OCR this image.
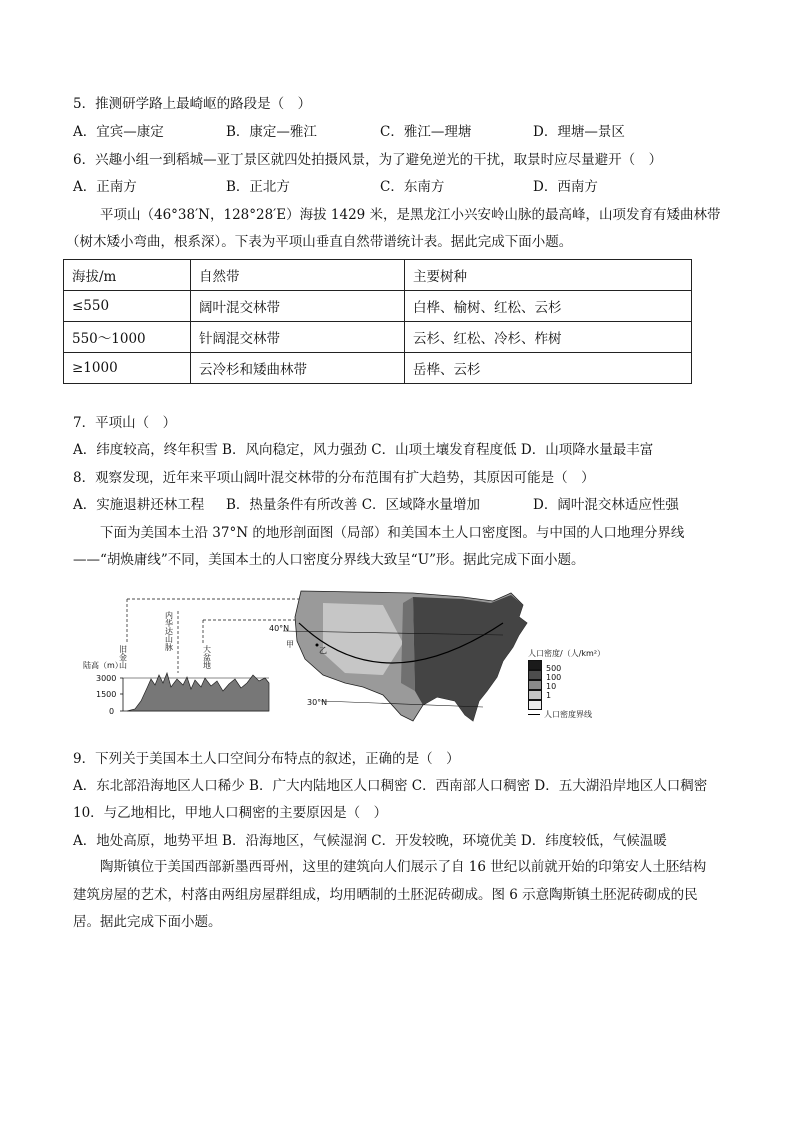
5．推测研学路上最崎岖的路段是（　）
A．宜宾—康定	B．康定—雅江	C．雅江—理塘	D．理塘—景区
6．兴趣小组一到稻城—亚丁景区就四处拍摄风景，为了避免逆光的干扰，取景时应尽量避开（　）
A．正南方	B．正北方	C．东南方	D．西南方
平项山（46°38′N，128°28′E）海拔 1429 米，是黑龙江小兴安岭山脉的最高峰，山项发育有矮曲林带
（树木矮小弯曲，根系深）。下表为平项山垂直自然带谱统计表。据此完成下面小题。
海拔/m	自然带	主要树种
≤550	阔叶混交林带	白桦、榆树、红松、云杉
550～1000	针阔混交林带	云杉、红松、冷杉、柞树
≥1000	云冷杉和矮曲林带	岳桦、云杉
7．平项山（　）
A．纬度较高，终年积雪 B．风向稳定，风力强劲 C．山项土壤发育程度低 D．山项降水量最丰富
8．观察发现，近年来平项山阔叶混交林带的分布范围有扩大趋势，其原因可能是（　）
A．实施退耕还林工程 B．热量条件有所改善 C．区域降水量增加	D．阔叶混交林适应性强
下面为美国本土沿 37°N 的地形剖面图（局部）和美国本土人口密度图。与中国的人口地理分界线
——“胡焕庸线”不同，美国本土的人口密度分界线大致呈“U”形。据此完成下面小题。
陆高（m）
3000
1500
0
内华达山脉
大盆地
旧金山
40°N
30°N
甲
乙	人口密度/（人/km²）
500
100
10
1
人口密度界线
9．下列关于美国本土人口空间分布特点的叙述，正确的是（　）
A．东北部沿海地区人口稀少 B．广大内陆地区人口稠密 C．西南部人口稠密 D．五大湖沿岸地区人口稠密
10．与乙地相比，甲地人口稠密的主要原因是（　）
A．地处高原，地势平坦 B．沿海地区，气候湿润 C．开发较晚，环境优美 D．纬度较低，气候温暖
陶斯镇位于美国西部新墨西哥州，这里的建筑向人们展示了自 16 世纪以前就开始的印第安人土胚结构
建筑房屋的艺术，村落由两组房屋群组成，均用晒制的土胚泥砖砌成。图 6 示意陶斯镇土胚泥砖砌成的民
居。据此完成下面小题。
